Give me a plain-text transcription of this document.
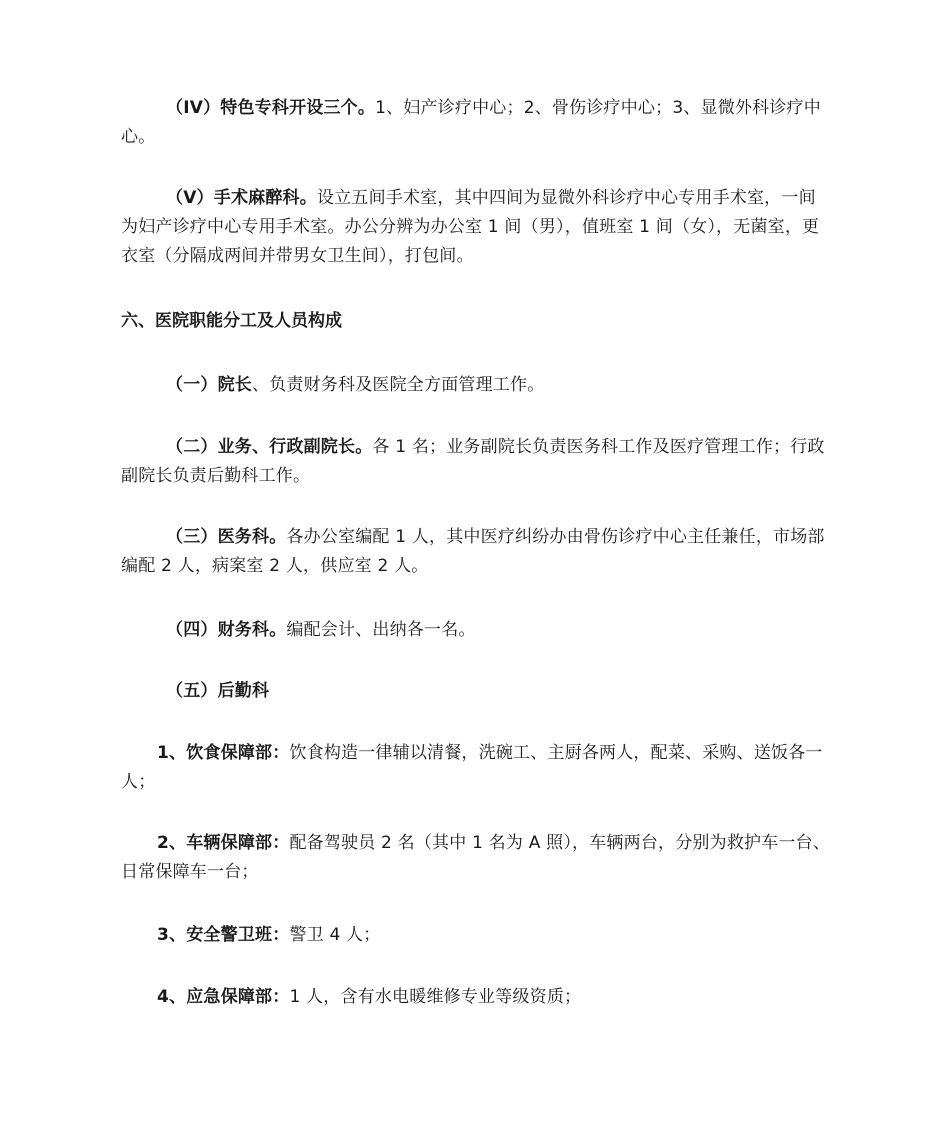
（IV）特色专科开设三个。1、妇产诊疗中心；2、骨伤诊疗中心；3、显微外科诊疗中心。

（V）手术麻醉科。设立五间手术室，其中四间为显微外科诊疗中心专用手术室，一间为妇产诊疗中心专用手术室。办公分辨为办公室 1 间（男），值班室 1 间（女），无菌室，更衣室（分隔成两间并带男女卫生间），打包间。

六、医院职能分工及人员构成

（一）院长、负责财务科及医院全方面管理工作。

（二）业务、行政副院长。各 1 名；业务副院长负责医务科工作及医疗管理工作；行政副院长负责后勤科工作。

（三）医务科。各办公室编配 1 人，其中医疗纠纷办由骨伤诊疗中心主任兼任，市场部编配 2 人，病案室 2 人，供应室 2 人。

（四）财务科。编配会计、出纳各一名。

（五）后勤科

1、饮食保障部：饮食构造一律辅以清餐，洗碗工、主厨各两人，配菜、采购、送饭各一人；

2、车辆保障部：配备驾驶员 2 名（其中 1 名为 A 照），车辆两台，分别为救护车一台、日常保障车一台；

3、安全警卫班：警卫 4 人；

4、应急保障部：1 人，含有水电暖维修专业等级资质；
